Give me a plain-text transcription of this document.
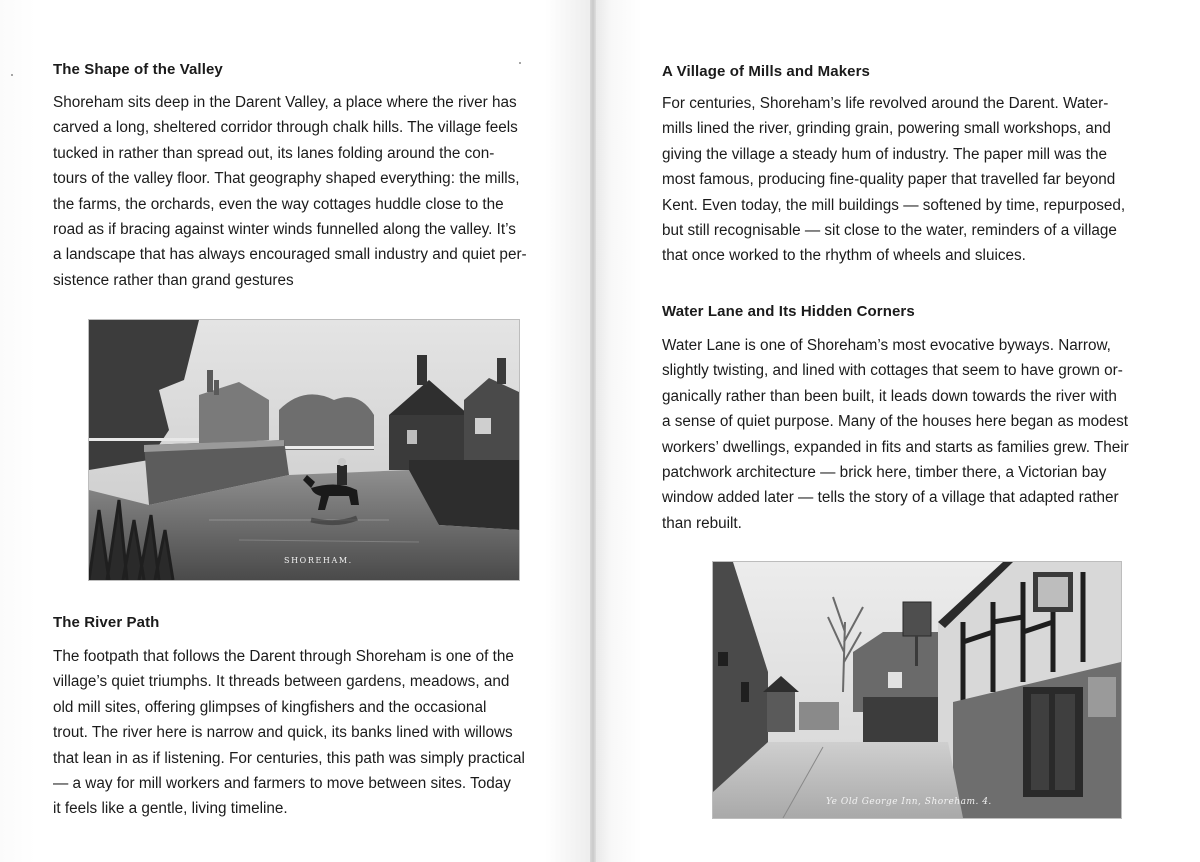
The Shape of the Valley
Shoreham sits deep in the Darent Valley, a place where the river has
carved a long, sheltered corridor through chalk hills. The village feels
tucked in rather than spread out, its lanes folding around the con-
tours of the valley floor. That geography shaped everything: the mills,
the farms, the orchards, even the way cottages huddle close to the
road as if bracing against winter winds funnelled along the valley. It’s
a landscape that has always encouraged small industry and quiet per-
sistence rather than grand gestures
SHOREHAM.
The River Path
The footpath that follows the Darent through Shoreham is one of the
village’s quiet triumphs. It threads between gardens, meadows, and
old mill sites, offering glimpses of kingfishers and the occasional
trout. The river here is narrow and quick, its banks lined with willows
that lean in as if listening. For centuries, this path was simply practical
— a way for mill workers and farmers to move between sites. Today
it feels like a gentle, living timeline.
A Village of Mills and Makers
For centuries, Shoreham’s life revolved around the Darent. Water-
mills lined the river, grinding grain, powering small workshops, and
giving the village a steady hum of industry. The paper mill was the
most famous, producing fine-quality paper that travelled far beyond
Kent. Even today, the mill buildings — softened by time, repurposed,
but still recognisable — sit close to the water, reminders of a village
that once worked to the rhythm of wheels and sluices.
Water Lane and Its Hidden Corners
Water Lane is one of Shoreham’s most evocative byways. Narrow,
slightly twisting, and lined with cottages that seem to have grown or-
ganically rather than been built, it leads down towards the river with
a sense of quiet purpose. Many of the houses here began as modest
workers’ dwellings, expanded in fits and starts as families grew. Their
patchwork architecture — brick here, timber there, a Victorian bay
window added later — tells the story of a village that adapted rather
than rebuilt.
Ye Old George Inn, Shoreham. 4.
